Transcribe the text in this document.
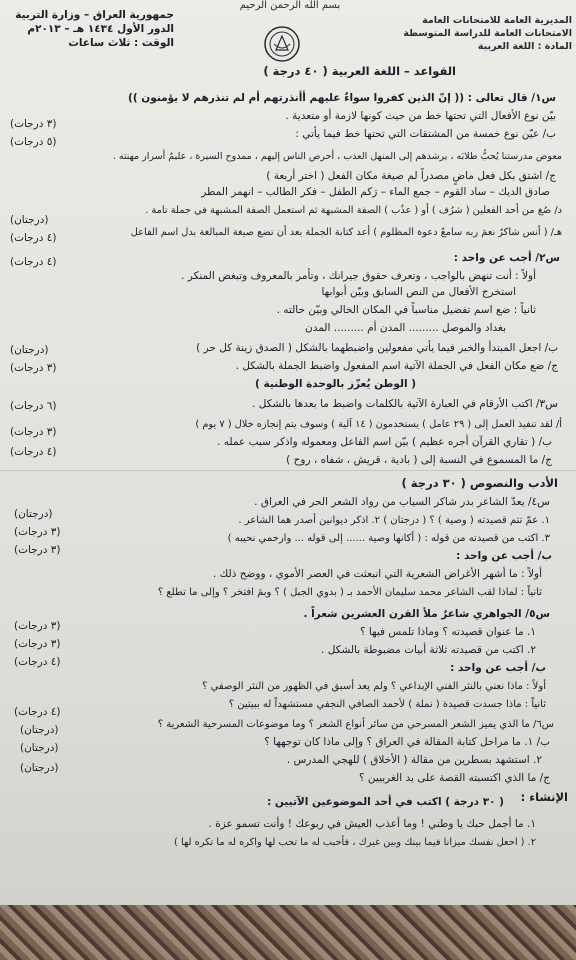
بسم الله الرحمن الرحيم
جمهورية العراق – وزارة التربية
الدور الأول ١٤٣٤ هـ – ٢٠١٣م
الوقت : ثلاث ساعات
المديرية العامة للامتحانات العامة
الامتحانات العامة للدراسة المتوسطة
المادة : اللغة العربية
القواعد – اللغة العربية ( ٤٠ درجة )
س١/ قال تعالى : (( إنّ الذين كفروا سواءٌ عليهم أأنذرتهم أم لم تنذرهم لا يؤمنون ))
بيّن نوع الأفعال التي تحتها خط من حيث كونها لازمة أو متعدية .
ب/ عيّن نوع خمسة من المشتقات التي تحتها خط فيما يأتي :
معوض مدرستنا يُحبُّ طلابَه ، يرشدهم إلى المنهل العذب ، أحرص الناس إليهم ، ممدوح السيرة ، عليمٌ أسرار مهنته .
ج/ اشتق بكل فعل ماضٍ مصدراً لم صيغة مكان الفعل ( اختر أربعة )
صادق الديك – ساد القوم – جمع الماء – رَكم الطفل – فكر الطالب – انهمر المطر
د/ صُغ من أحد الفعلين ( شرُف ) أو ( عذُب ) الصفة المشبهة ثم استعمل الصفة المشبهة في جملة تامة .
هـ/ ( أنس شاكرٌ نعمَ ربه سامعٌ دعوة المظلوم ) أعد كتابة الجملة بعد أن تضع صيغة المبالغة بدل اسم الفاعل
س٢/ أجب عن واحد :
أولاً : أنت تنهض بالواجب ، وتعرف حقوق جيرانك ، وتأمر بالمعروف وتبغض المنكر .
استخرج الأفعال من النص السابق وبيّن أبوابها
ثانياً : ضع اسم تفضيل مناسباً في المكان الخالي وبيّن حالته .
بغداد والموصل ......... المدن أم ......... المدن
ب/ اجعل المبتدأ والخبر فيما يأتي مفعولين واضبطهما بالشكل ( الصدق زينة كل حر )
ج/ ضع مكان الفعل في الجملة الآتية اسم المفعول واضبط الجملة بالشكل .
( الوطن يُعزّز بالوحدة الوطنية )
س٣/ اكتب الأرقام في العبارة الآتية بالكلمات واضبط ما بعدها بالشكل .
أ/ لقد تنفيذ العمل إلى ( ٢٩ عامل ) يستخدمون ( ١٤ آلية ) وسوف يتم إنجازه خلال ( ٧ يوم )
ب/ ( تقاري القرآن أجره عظيم ) بيّن اسم الفاعل ومعموله واذكر سبب عمله .
ج/ ما المسموع في النسبة إلى ( بادية ، قريش ، شفاه ، روح )
(٣ درجات)
(٥ درجات)
(درجتان)
(٤ درجات)
(٤ درجات)
(درجتان)
(٣ درجات)
(٦ درجات)
(٣ درجات)
(٤ درجات)
الأدب والنصوص ( ٣٠ درجة )
س٤/ يعدّ الشاعر بدر شاكر السياب من رواد الشعر الحر في العراق .
١. عمّ تتم قصيدته ( وصية ) ؟ ( درجتان ) ٢. اذكر ديوانين أصدر هما الشاعر .
٣. اكتب من قصيدته من قوله : ( أكانها وصية ...... إلى قوله ... وارحمي نحيبه )
ب/ أجب عن واحد :
أولاً : ما أشهر الأغراض الشعرية التي انبعثت في العصر الأموي ، ووضح ذلك .
ثانياً : لماذا لقب الشاعر محمد سليمان الأحمد بـ ( بدوي الجبل ) ؟ وبمَ افتخر ؟ وإلى ما تطلع ؟
س٥/ الجواهري شاعرٌ ملأ القرن العشرين شعراً .
١. ما عنوان قصيدته ؟ وماذا تلمس فيها ؟
٢. اكتب من قصيدته ثلاثة أبيات مضبوطة بالشكل .
ب/ أجب عن واحد :
أولاً : ماذا نعني بالنثر الفني الإبداعي ؟ ولم يعد أسبق في الظهور من النثر الوصفي ؟
ثانياً : ماذا جسدت قصيدة ( نملة ) لأحمد الصافي النجفي مستشهداً له ببيتين ؟
س٦/ ما الذي يميز الشعر المسرحي من سائر أنواع الشعر ؟ وما موضوعات المسرحية الشعرية ؟
ب/ ١. ما مراحل كتابة المقالة في العراق ؟ وإلى ماذا كان توجهها ؟
٢. استشهد بسطرين من مقالة ( الأخلاق ) للهجي المدرس .
ج/ ما الذي اكتسبته القصة على يد الغربيين ؟
(درجتان)
(٣ درجات)
(٣ درجات)
(٣ درجات)
(٣ درجات)
(٤ درجات)
(٤ درجات)
(درجتان)
(درجتان)
(درجتان)
الإنشاء :
( ٣٠ درجة ) اكتب في أحد الموضوعين الآتيين :
١. ما أجمل حبك يا وطني ! وما أعذب العيش في ربوعك ! وأنت تسمو عزة .
٢. ( احعل نفسك ميزانا فيما بينك وبين غيرك ، فأحبب له ما تحب لها واكره له ما تكره لها )
